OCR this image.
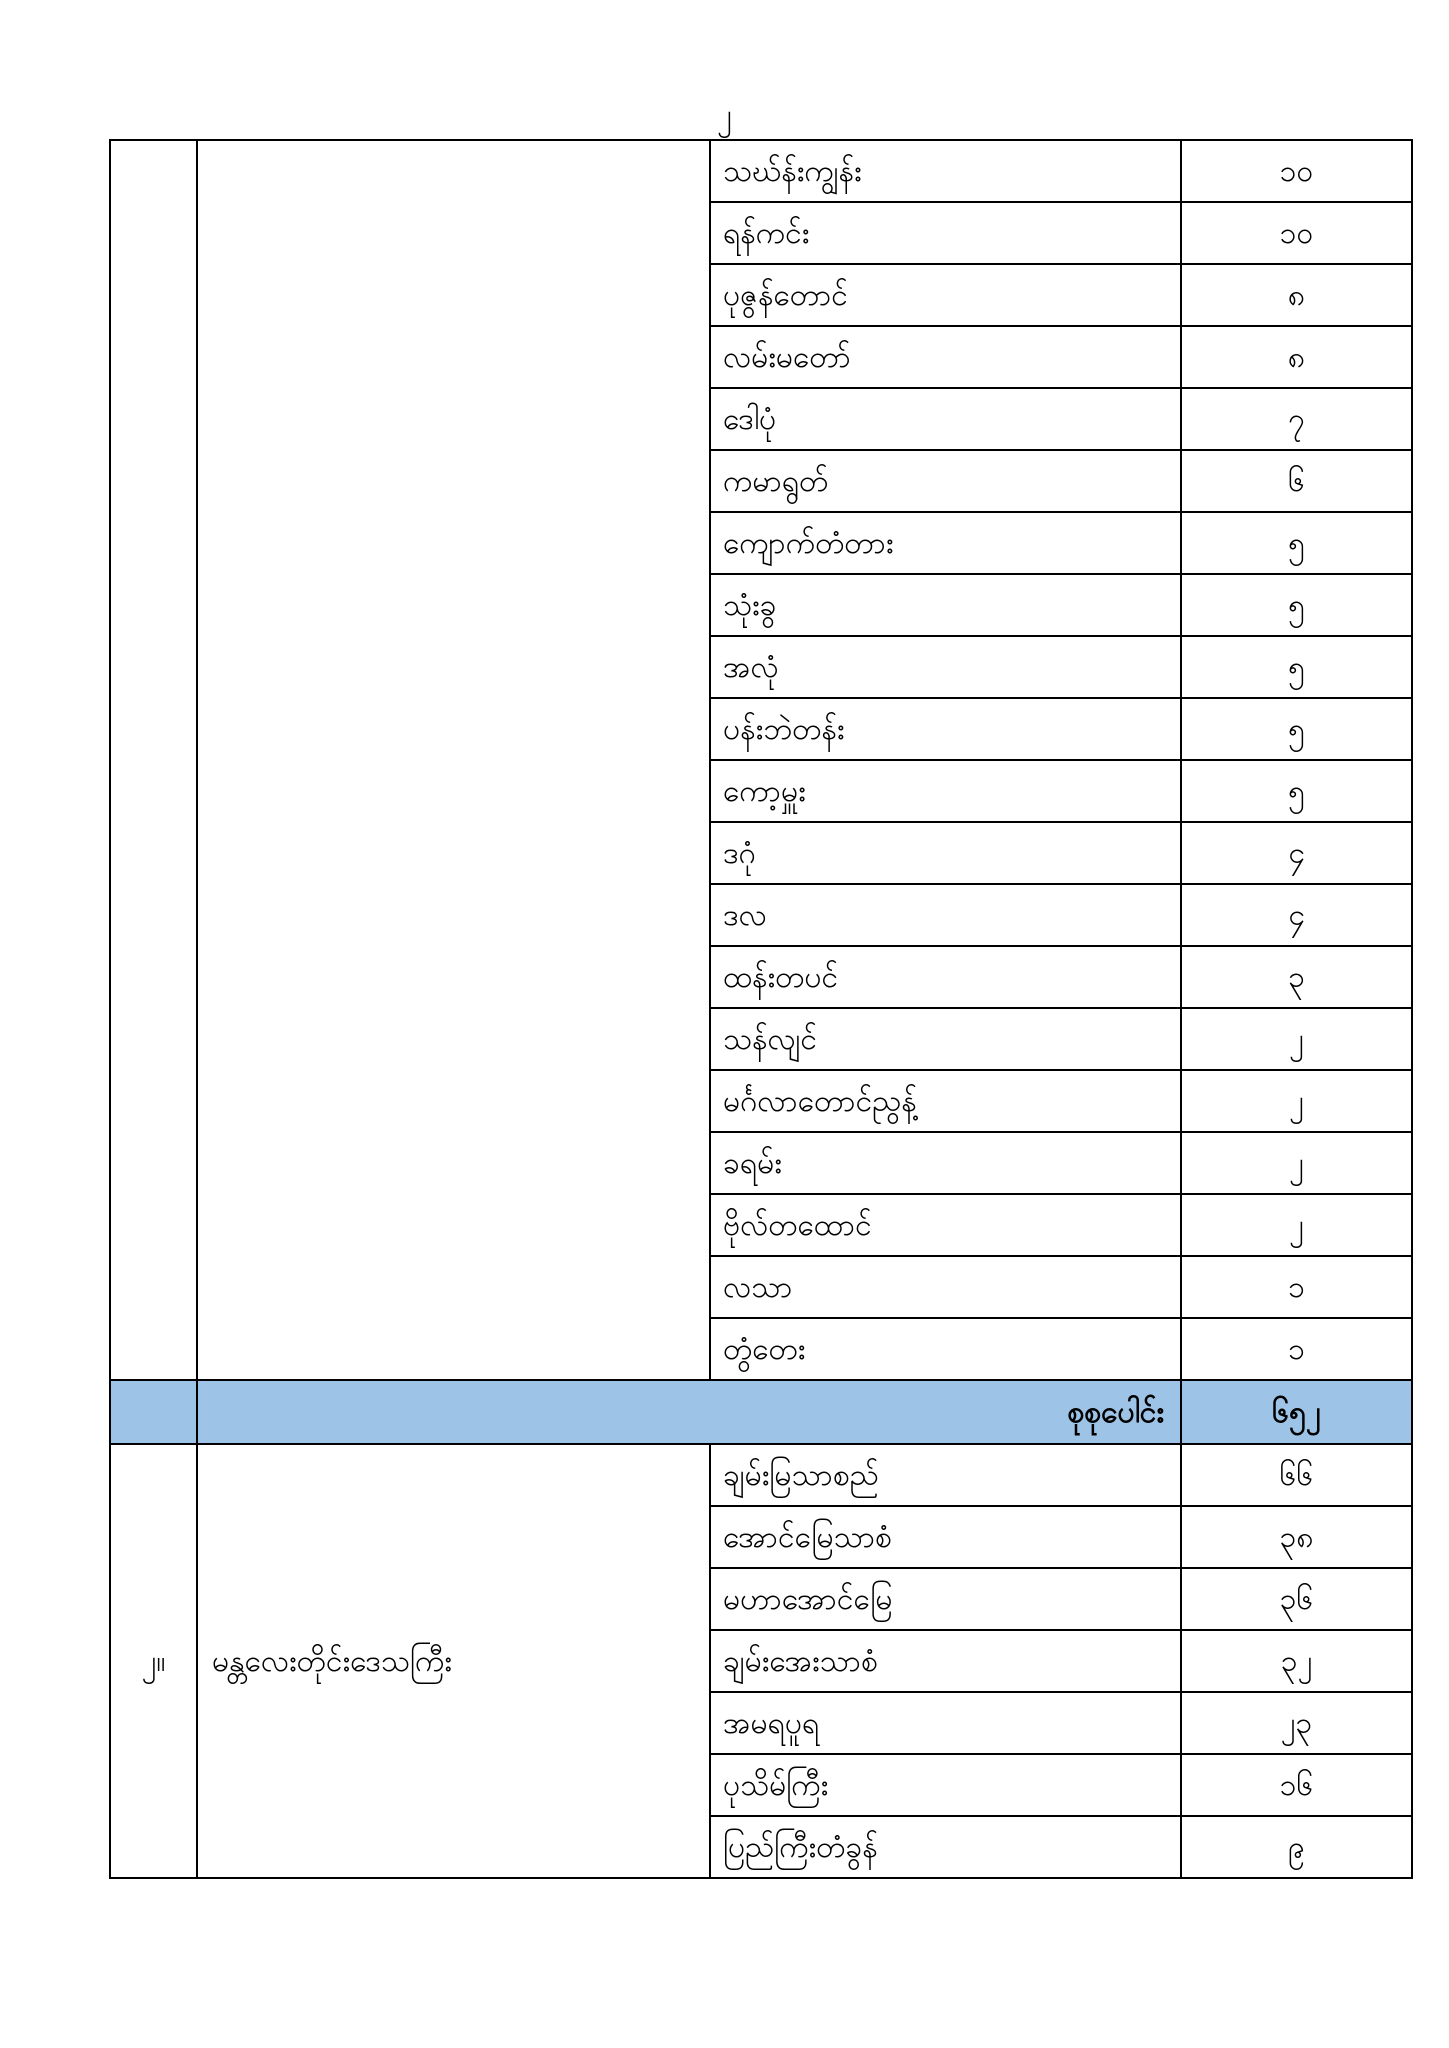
၂
		သဃ်န်းကျွန်း	၁၀
		ရန်ကင်း	၁၀
		ပုဇွန်တောင်	၈
		လမ်းမတော်	၈
		ဒေါပုံ	၇
		ကမာရွတ်	၆
		ကျောက်တံတား	၅
		သုံးခွ	၅
		အလုံ	၅
		ပန်းဘဲတန်း	၅
		ကော့မှူး	၅
		ဒဂုံ	၄
		ဒလ	၄
		ထန်းတပင်	၃
		သန်လျင်	၂
		မင်္ဂလာတောင်ညွန့်	၂
		ခရမ်း	၂
		ဗိုလ်တထောင်	၂
		လသာ	၁
		တွံတေး	၁
	စုစုပေါင်း		၆၅၂
၂။	မန္တလေးတိုင်းဒေသကြီး	ချမ်းမြသာစည်	၆၆
		အောင်မြေသာစံ	၃၈
		မဟာအောင်မြေ	၃၆
		ချမ်းအေးသာစံ	၃၂
		အမရပူရ	၂၃
		ပုသိမ်ကြီး	၁၆
		ပြည်ကြီးတံခွန်	၉
